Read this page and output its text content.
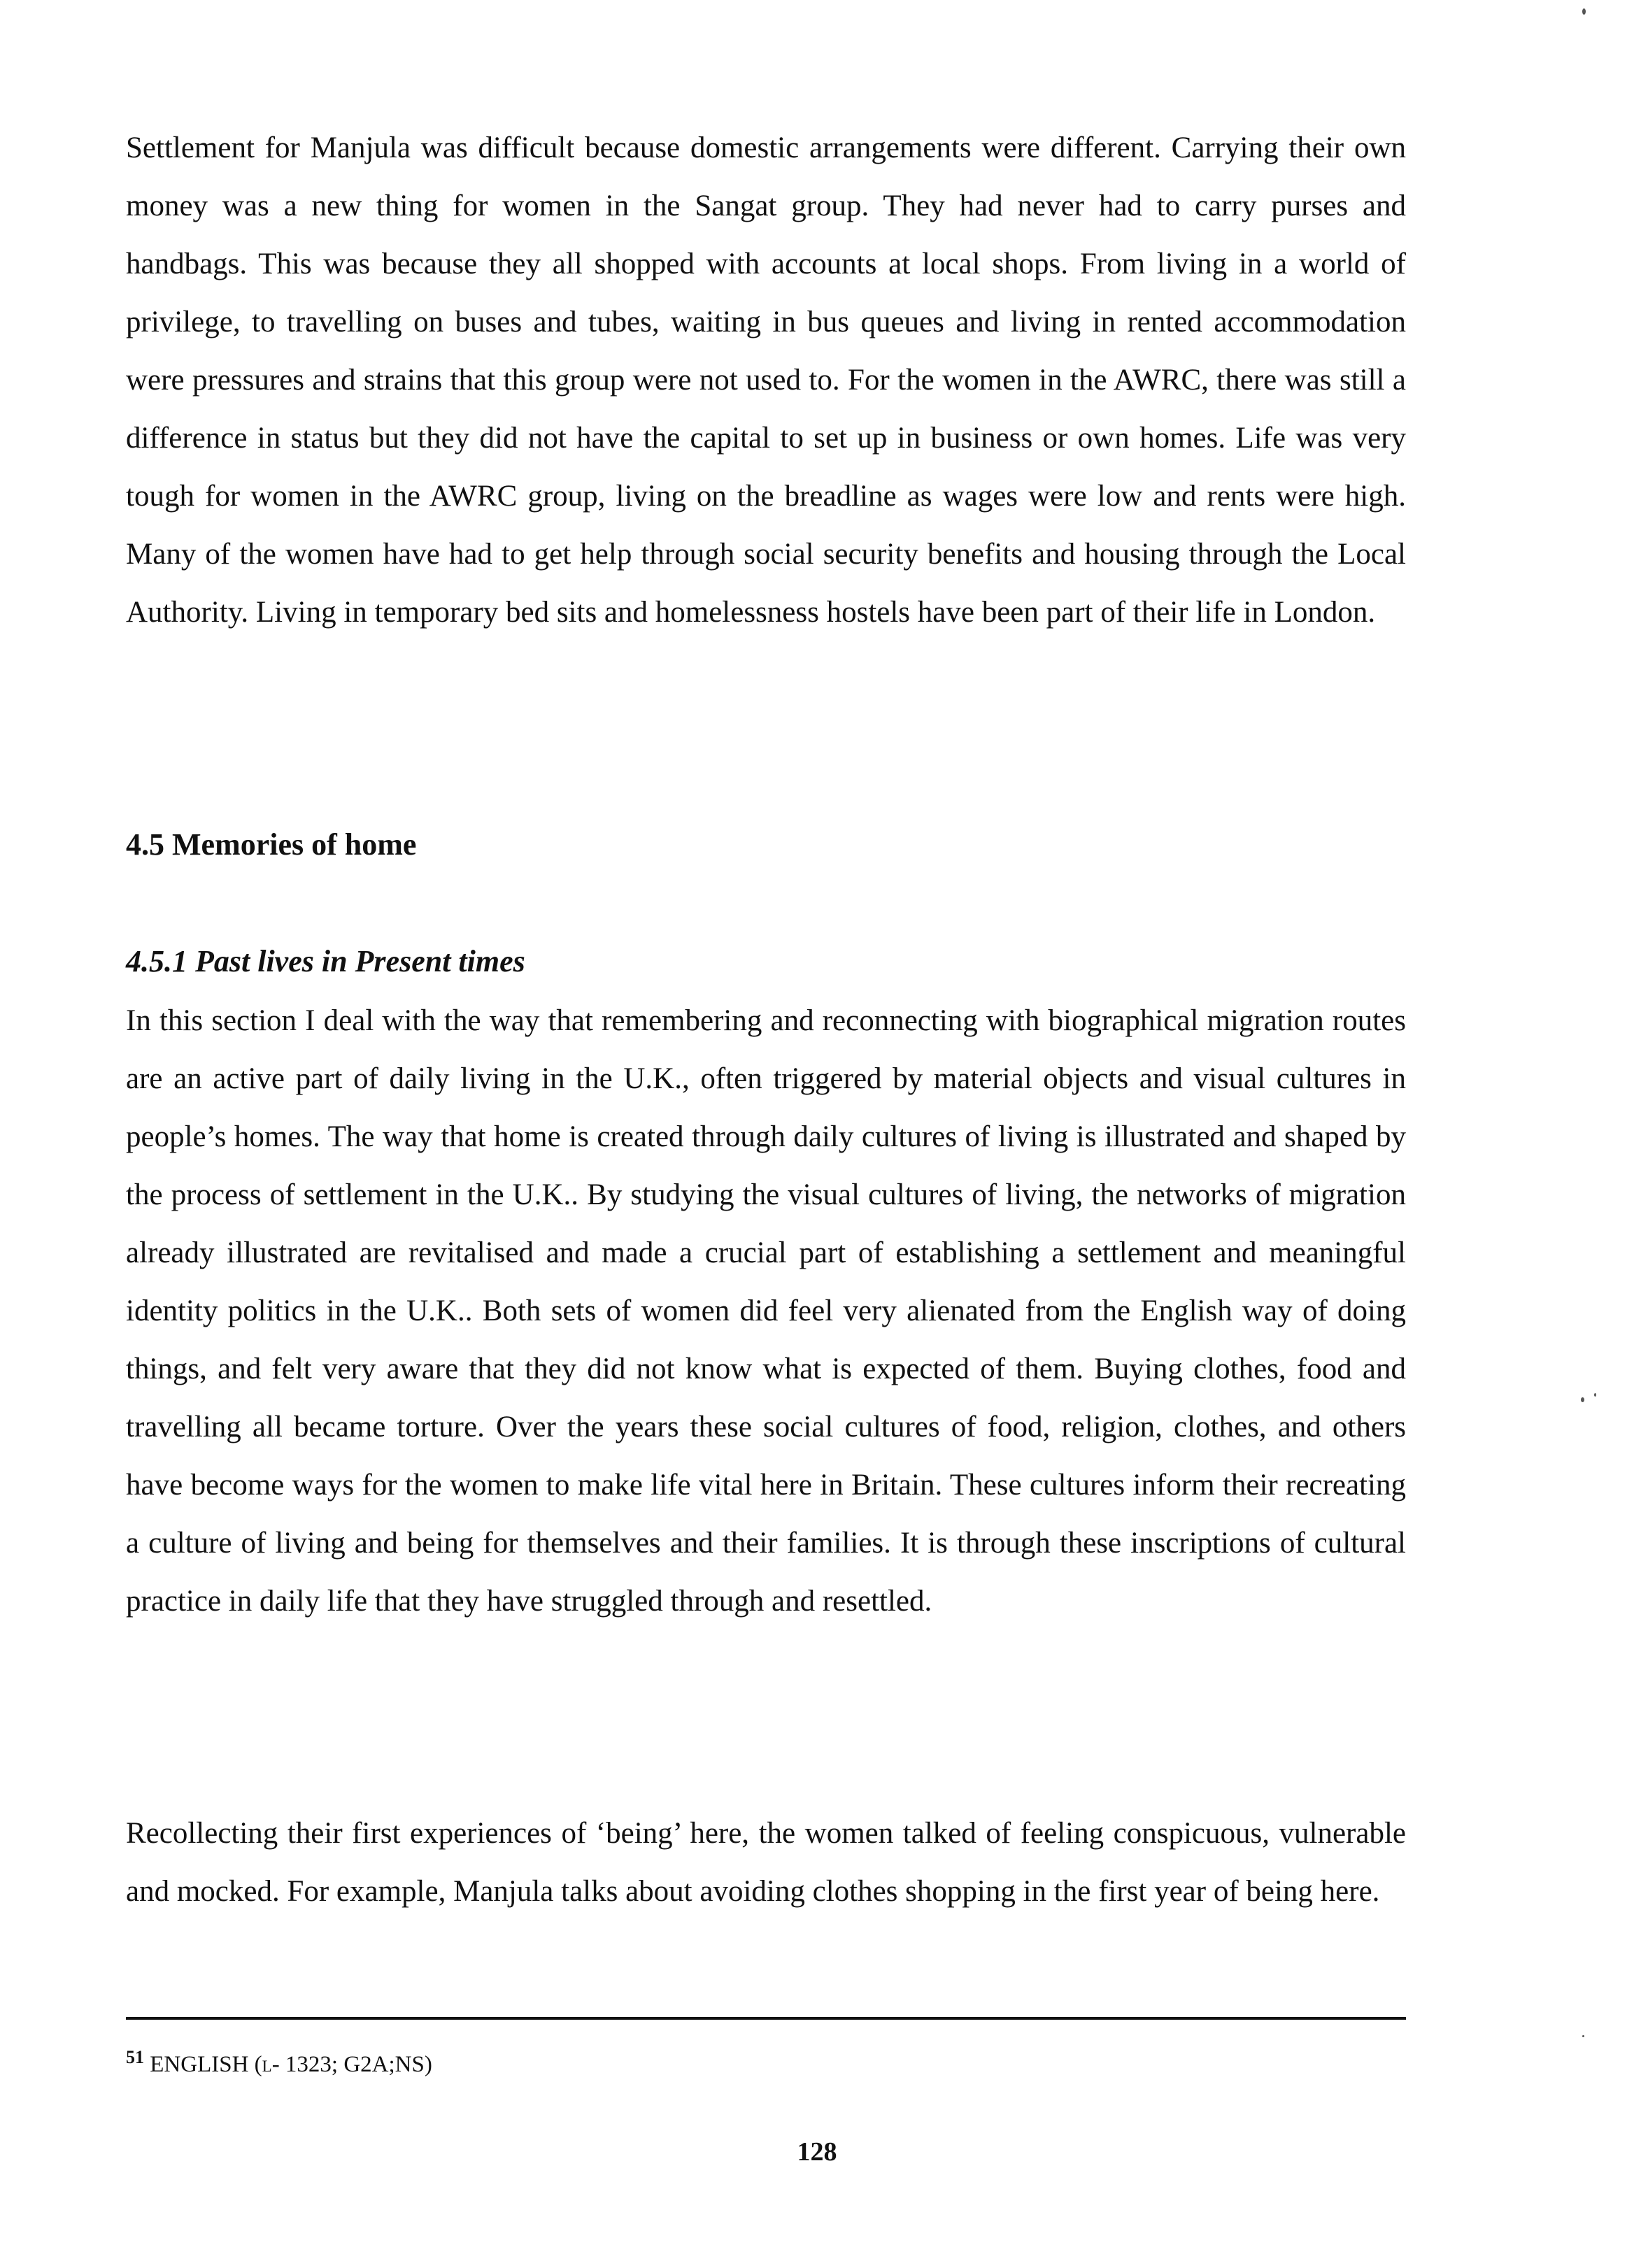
Settlement for Manjula was difficult because domestic arrangements were different. Carrying their own money was a new thing for women in the Sangat group. They had never had to carry purses and handbags. This was because they all shopped with accounts at local shops. From living in a world of privilege, to travelling on buses and tubes, waiting in bus queues and living in rented accommodation were pressures and strains that this group were not used to. For the women in the AWRC, there was still a difference in status but they did not have the capital to set up in business or own homes. Life was very tough for women in the AWRC group, living on the breadline as wages were low and rents were high. Many of the women have had to get help through social security benefits and housing through the Local Authority. Living in temporary bed sits and homelessness hostels have been part of their life in London.

4.5 Memories of home
4.5.1 Past lives in Present times

In this section I deal with the way that remembering and reconnecting with biographical migration routes are an active part of daily living in the U.K., often triggered by material objects and visual cultures in people’s homes. The way that home is created through daily cultures of living is illustrated and shaped by the process of settlement in the U.K.. By studying the visual cultures of living, the networks of migration already illustrated are revitalised and made a crucial part of establishing a settlement and meaningful identity politics in the U.K.. Both sets of women did feel very alienated from the English way of doing things, and felt very aware that they did not know what is expected of them. Buying clothes, food and travelling all became torture. Over the years these social cultures of food, religion, clothes, and others have become ways for the women to make life vital here in Britain. These cultures inform their recreating a culture of living and being for themselves and their families. It is through these inscriptions of cultural practice in daily life that they have struggled through and resettled.

Recollecting their first experiences of ‘being’ here, the women talked of feeling conspicuous, vulnerable and mocked. For example, Manjula talks about avoiding clothes shopping in the first year of being here.

$^{51}$ ENGLISH (l- 1323; G2A;NS)

128
